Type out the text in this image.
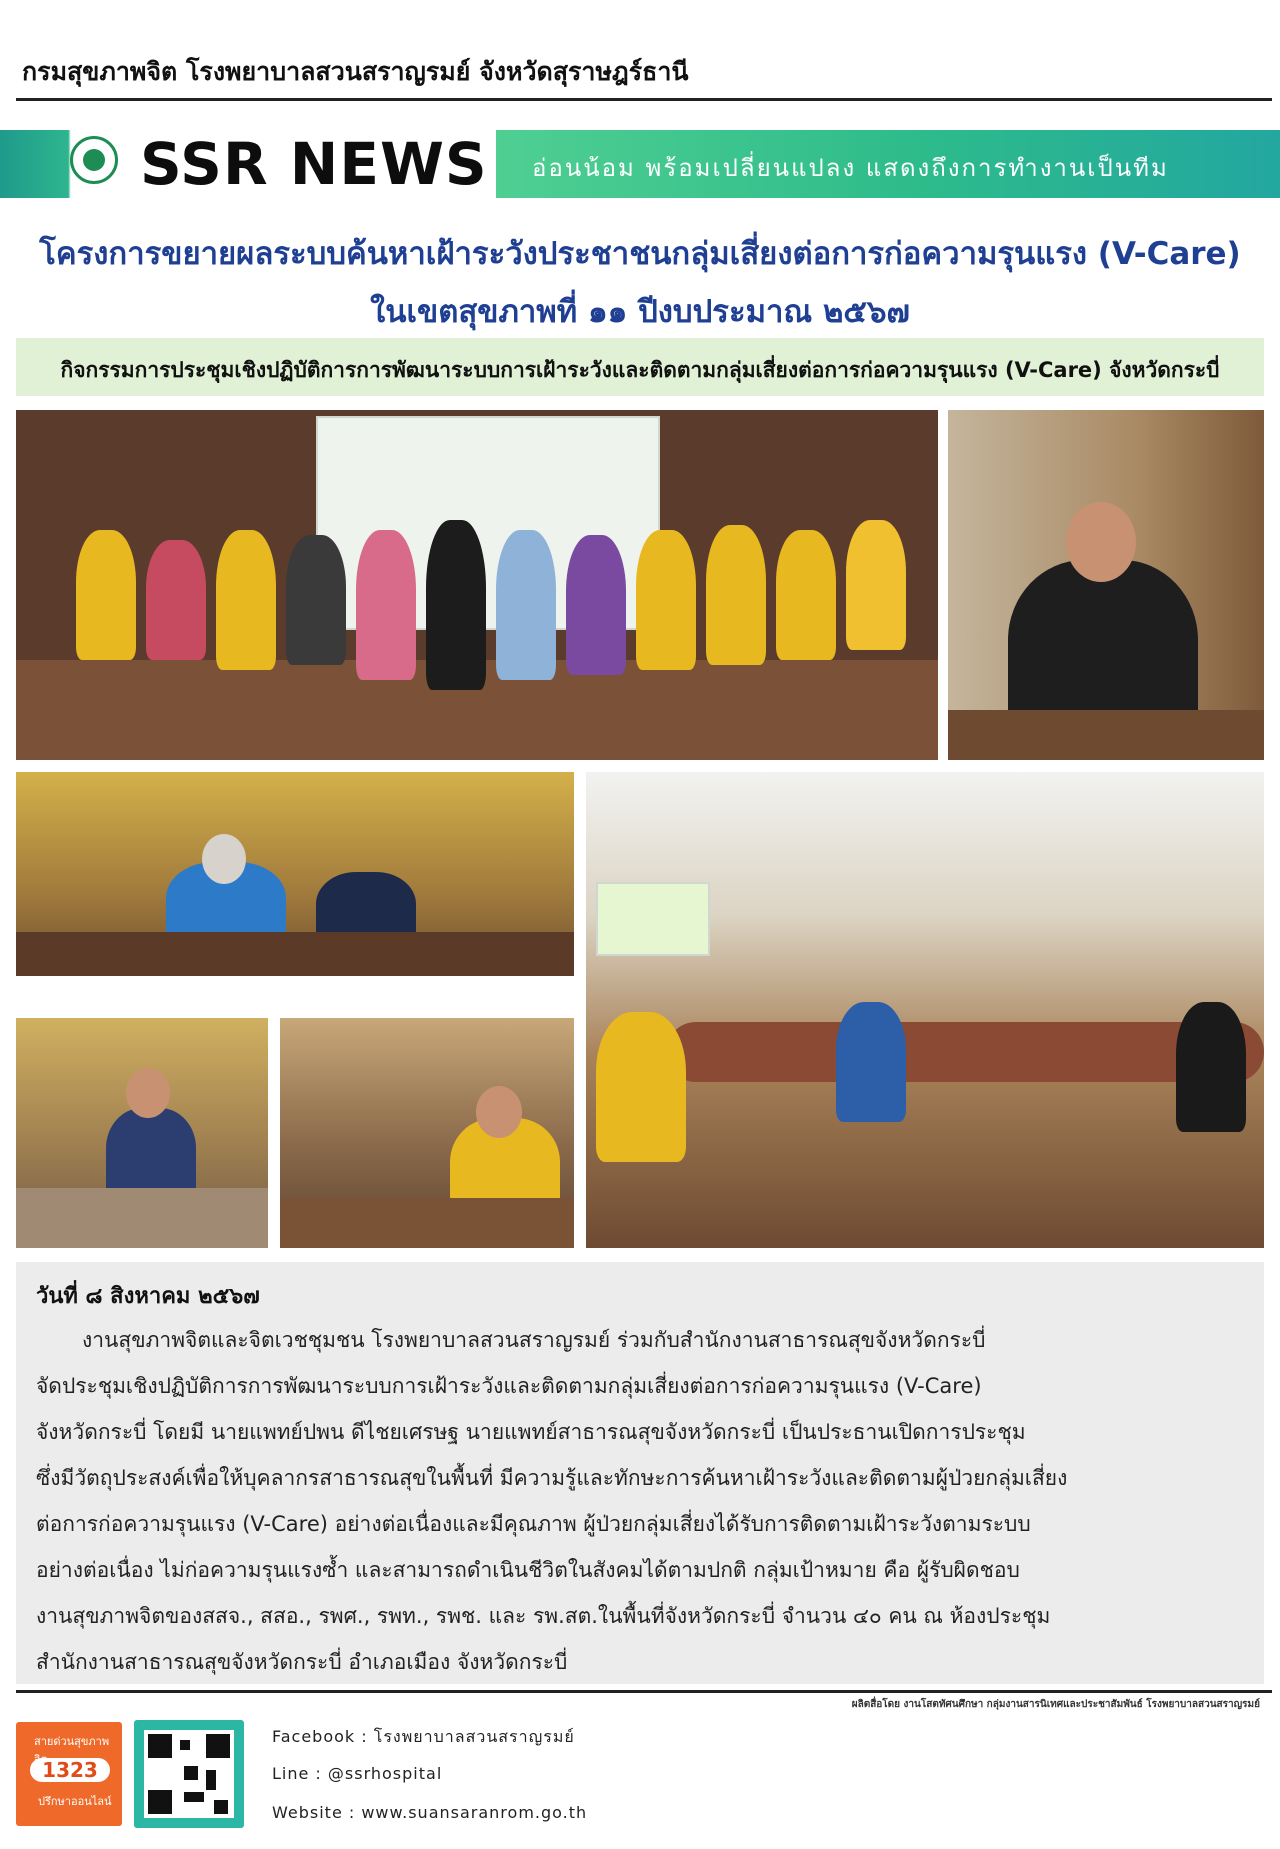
กรมสุขภาพจิต โรงพยาบาลสวนสราญรมย์ จังหวัดสุราษฎร์ธานี
SSR NEWS อ่อนน้อม พร้อมเปลี่ยนแปลง แสดงถึงการทำงานเป็นทีม
โครงการขยายผลระบบค้นหาเฝ้าระวังประชาชนกลุ่มเสี่ยงต่อการก่อความรุนแรง (V-Care)
ในเขตสุขภาพที่ ๑๑ ปีงบประมาณ ๒๕๖๗
กิจกรรมการประชุมเชิงปฏิบัติการการพัฒนาระบบการเฝ้าระวังและติดตามกลุ่มเสี่ยงต่อการก่อความรุนแรง (V-Care) จังหวัดกระบี่
วันที่ ๘ สิงหาคม ๒๕๖๗
งานสุขภาพจิตและจิตเวชชุมชน โรงพยาบาลสวนสราญรมย์ ร่วมกับสำนักงานสาธารณสุขจังหวัดกระบี่
จัดประชุมเชิงปฏิบัติการการพัฒนาระบบการเฝ้าระวังและติดตามกลุ่มเสี่ยงต่อการก่อความรุนแรง (V-Care)
จังหวัดกระบี่ โดยมี นายแพทย์ปพน ดีไชยเศรษฐ นายแพทย์สาธารณสุขจังหวัดกระบี่ เป็นประธานเปิดการประชุม
ซึ่งมีวัตถุประสงค์เพื่อให้บุคลากรสาธารณสุขในพื้นที่ มีความรู้และทักษะการค้นหาเฝ้าระวังและติดตามผู้ป่วยกลุ่มเสี่ยง
ต่อการก่อความรุนแรง (V-Care) อย่างต่อเนื่องและมีคุณภาพ ผู้ป่วยกลุ่มเสี่ยงได้รับการติดตามเฝ้าระวังตามระบบ
อย่างต่อเนื่อง ไม่ก่อความรุนแรงซ้ำ และสามารถดำเนินชีวิตในสังคมได้ตามปกติ กลุ่มเป้าหมาย คือ ผู้รับผิดชอบ
งานสุขภาพจิตของสสจ., สสอ., รพศ., รพท., รพช. และ รพ.สต.ในพื้นที่จังหวัดกระบี่ จำนวน ๔๐ คน ณ ห้องประชุม
สำนักงานสาธารณสุขจังหวัดกระบี่ อำเภอเมือง จังหวัดกระบี่
ผลิตสื่อโดย งานโสตทัศนศึกษา กลุ่มงานสารนิเทศและประชาสัมพันธ์ โรงพยาบาลสวนสราญรมย์
สายด่วนสุขภาพ
1323
ปรึกษาออนไลน์
Facebook : โรงพยาบาลสวนสราญรมย์
Line : @ssrhospital
Website : www.suansaranrom.go.th
